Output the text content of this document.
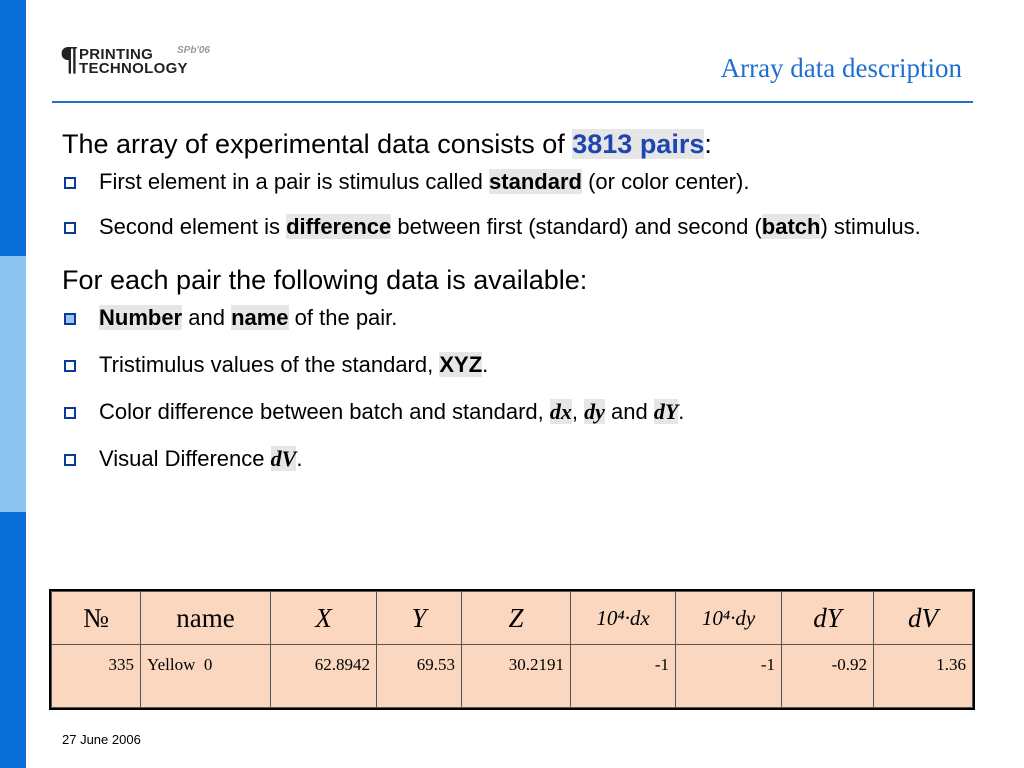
¶ PRINTING
TECHNOLOGY
SPb'06
Array data description

The array of experimental data consists of 3813 pairs:

First element in a pair is stimulus called standard (or color center).
Second element is difference between first (standard) and second (batch) stimulus.

For each pair the following data is available:

Number and name of the pair.
Tristimulus values of the standard, XYZ.
Color difference between batch and standard, dx, dy and dY.
Visual Difference dV.
№	name	X	Y	Z	10⁴·dx	10⁴·dy	dY	dV
335	Yellow  0	62.8942	69.53	30.2191	-1	-1	-0.92	1.36
27 June 2006
